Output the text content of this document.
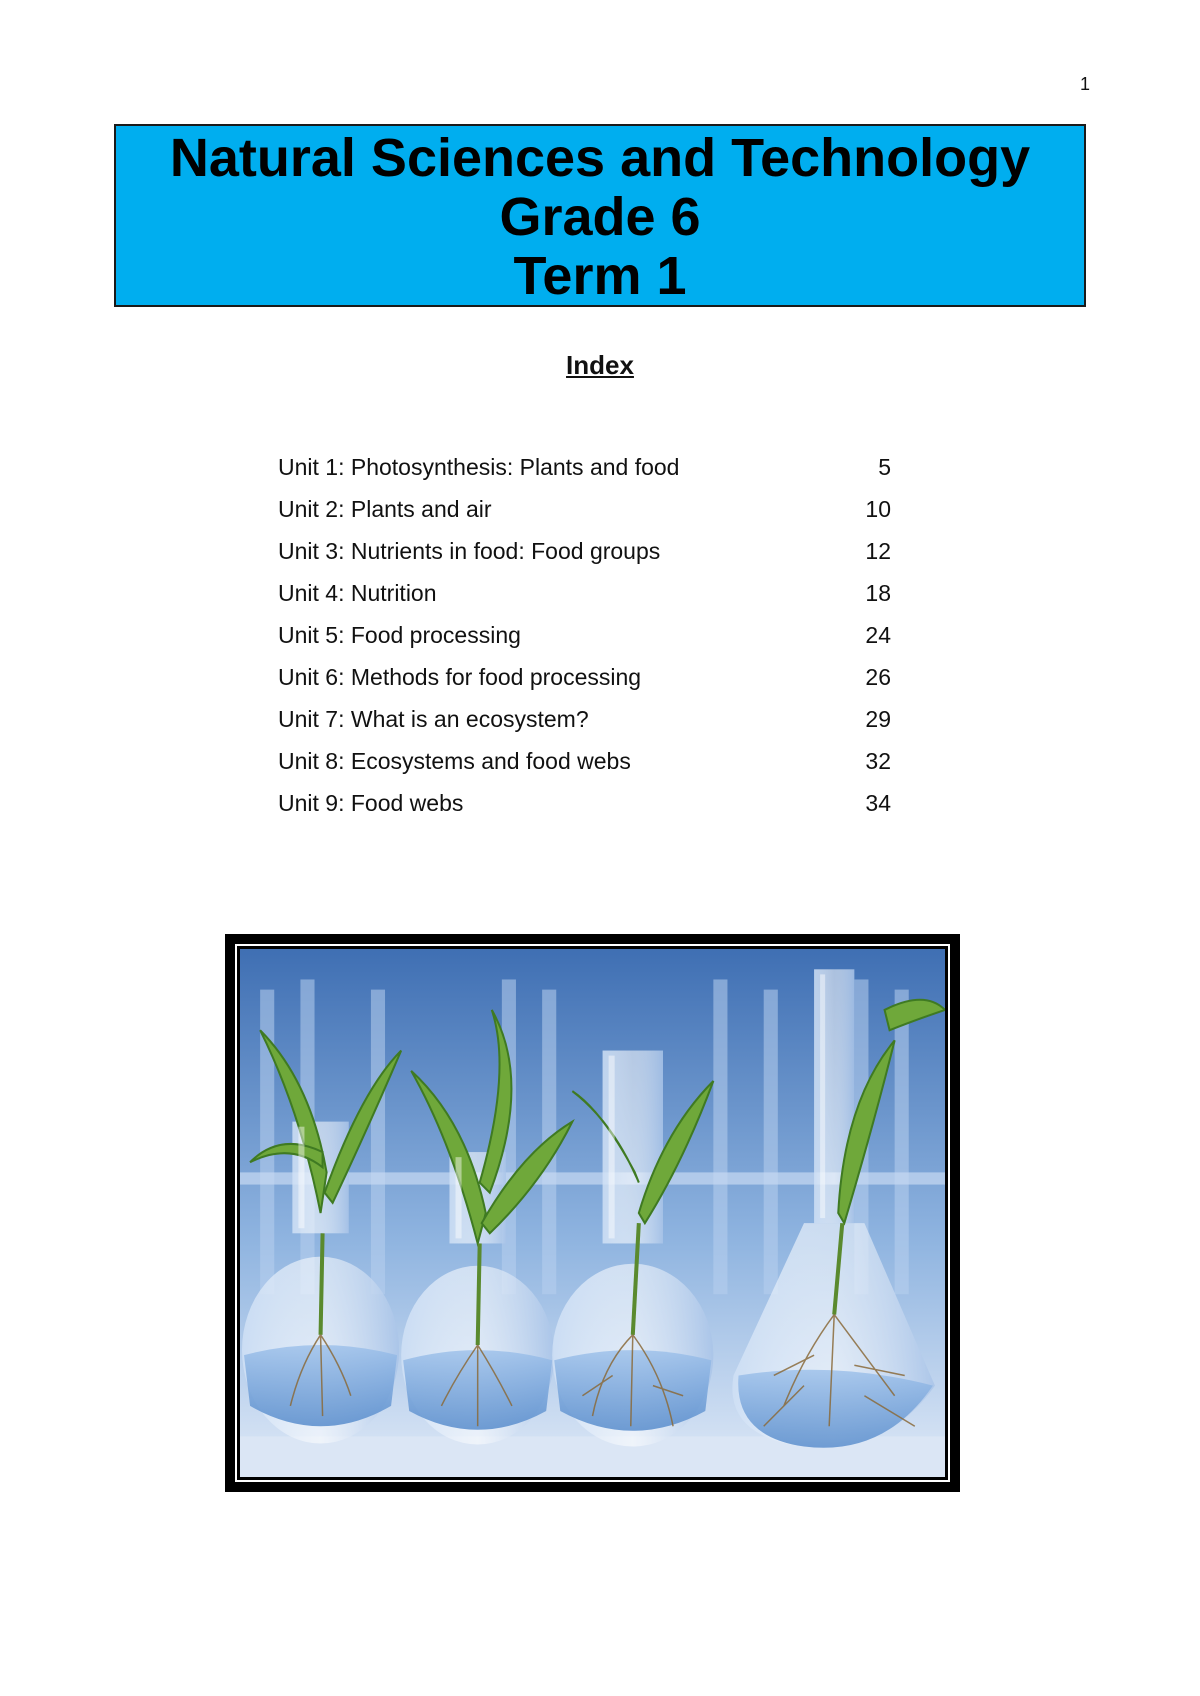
1
Natural Sciences and Technology
Grade 6
Term 1
Index
Unit 1: Photosynthesis: Plants and food	5
Unit 2: Plants and air	10
Unit 3: Nutrients in food: Food groups	12
Unit 4: Nutrition	18
Unit 5: Food processing	24
Unit 6: Methods for food processing	26
Unit 7: What is an ecosystem?	29
Unit 8: Ecosystems and food webs	32
Unit 9: Food webs	34
